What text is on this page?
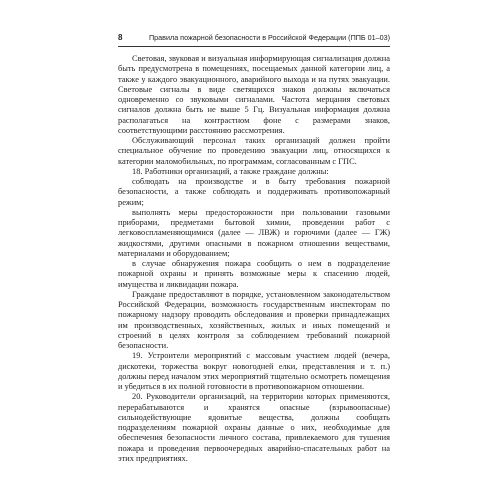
8	Правила пожарной безопасности в Российской Федерации (ППБ 01–03)

Световая, звуковая и визуальная информирующая сигнализация должна быть предусмотрена в помещениях, посещаемых данной категории лиц, а также у каждого эвакуационного, аварийного выхода и на путях эвакуации. Световые сигналы в виде светящихся знаков должны включаться одновременно со звуковыми сигналами. Частота мерцания световых сигналов должна быть не выше 5 Гц. Визуальная информация должна располагаться на контрастном фоне с размерами знаков, соответствующими расстоянию рассмотрения.

Обслуживающий персонал таких организаций должен пройти специальное обучение по проведению эвакуации лиц, относящихся к категории маломобильных, по программам, согласованным с ГПС.

18. Работники организаций, а также граждане должны:

соблюдать на производстве и в быту требования пожарной безопасности, а также соблюдать и поддерживать противопожарный режим;

выполнять меры предосторожности при пользовании газовыми приборами, предметами бытовой химии, проведении работ с легковоспламеняющимися (далее — ЛВЖ) и горючими (далее — ГЖ) жидкостями, другими опасными в пожарном отношении веществами, материалами и оборудованием;

в случае обнаружения пожара сообщить о нем в подразделение пожарной охраны и принять возможные меры к спасению людей, имущества и ликвидации пожара.

Граждане предоставляют в порядке, установленном законодательством Российской Федерации, возможность государственным инспекторам по пожарному надзору проводить обследования и проверки принадлежащих им производственных, хозяйственных, жилых и иных помещений и строений в целях контроля за соблюдением требований пожарной безопасности.

19. Устроители мероприятий с массовым участием людей (вечера, дискотеки, торжества вокруг новогодней елки, представления и т. п.) должны перед началом этих мероприятий тщательно осмотреть помещения и убедиться в их полной готовности в противопожарном отношении.

20. Руководители организаций, на территории которых применяются, перерабатываются и хранятся опасные (взрывоопасные) сильнодействующие ядовитые вещества, должны сообщать подразделениям пожарной охраны данные о них, необходимые для обеспечения безопасности личного состава, привлекаемого для тушения пожара и проведения первоочередных аварийно-спасательных работ на этих предприятиях.
